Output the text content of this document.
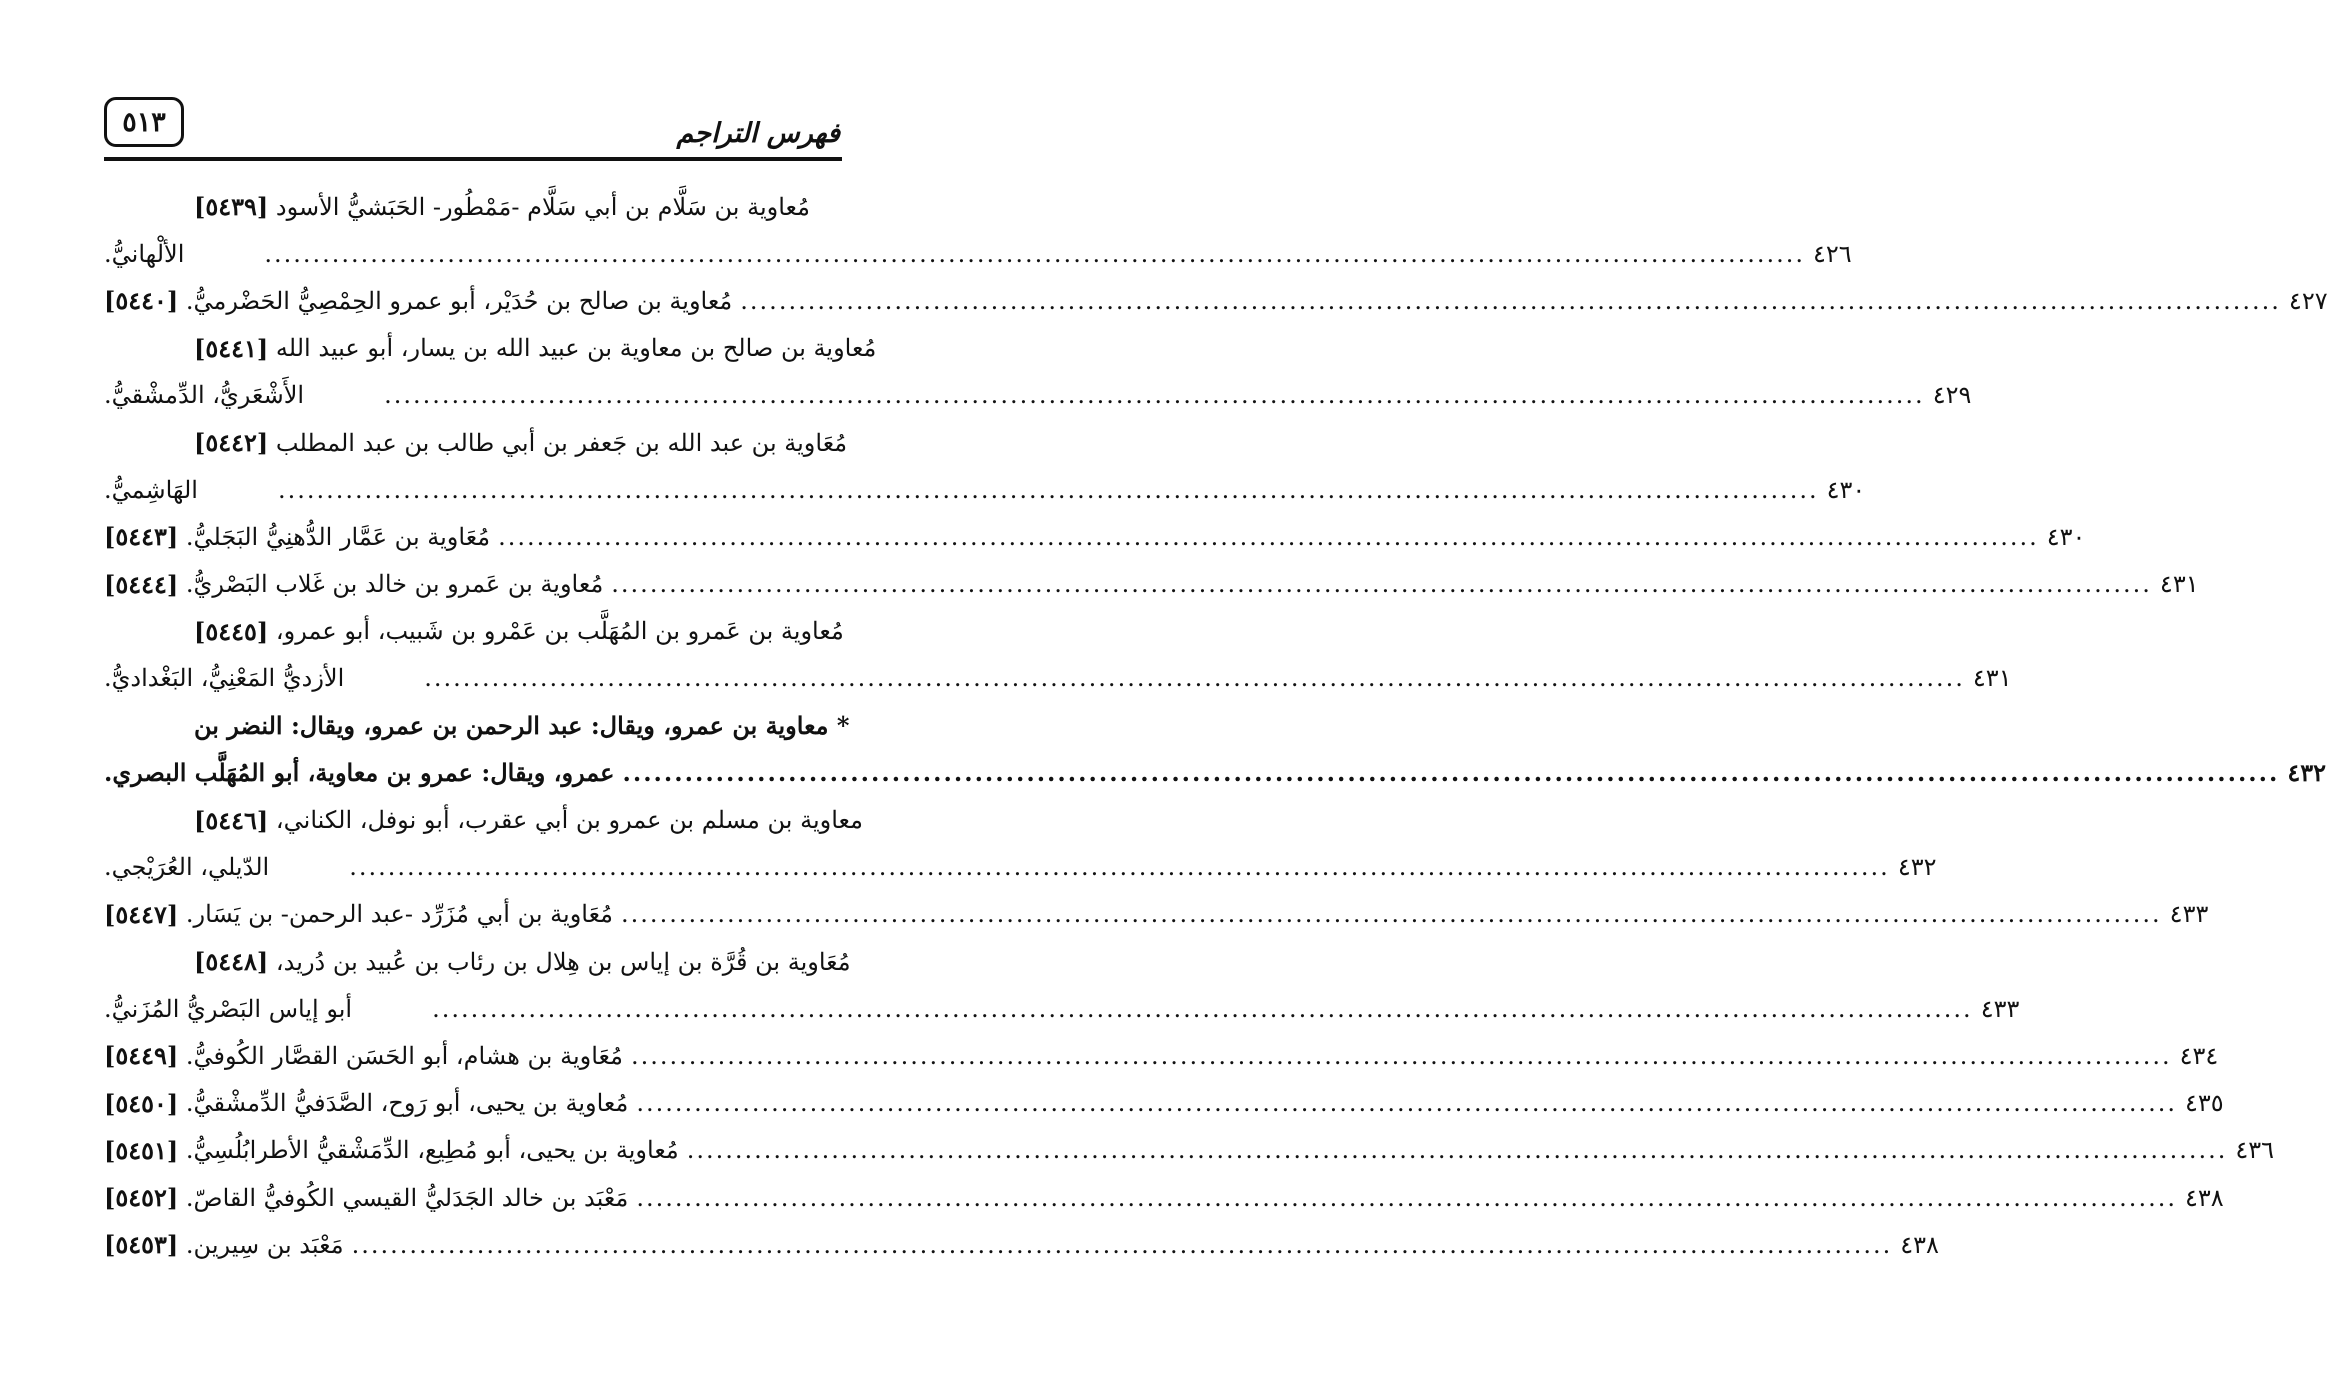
٥١٣	فهرس التراجم
[٥٤٣٩]
مُعاوية بن سَلَّام بن أبي سَلَّام -مَمْطُور- الحَبَشيُّ الأسود
الألْهانيُّ.	................................................................................................................................................................ ٤٢٦
[٥٤٤٠]
مُعاوية بن صالح بن حُدَيْر، أبو عمرو الحِمْصِيُّ الحَضْرميُّ. ................................................................................................................................................................ ٤٢٧
[٥٤٤١]
مُعاوية بن صالح بن معاوية بن عبيد الله بن يسار، أبو عبيد الله
الأَشْعَريُّ، الدِّمشْقيُّ.	................................................................................................................................................................ ٤٢٩
[٥٤٤٢]
مُعَاوية بن عبد الله بن جَعفر بن أبي طالب بن عبد المطلب
الهَاشِميُّ.	................................................................................................................................................................ ٤٣٠
[٥٤٤٣]
مُعَاوية بن عَمَّار الدُّهنِيُّ البَجَليُّ. ................................................................................................................................................................ ٤٣٠
[٥٤٤٤]
مُعاوية بن عَمرو بن خالد بن غَلاب البَصْريُّ. ................................................................................................................................................................ ٤٣١
[٥٤٤٥]
مُعاوية بن عَمرو بن المُهَلَّب بن عَمْرو بن شَبيب، أبو عمرو،
الأزديُّ المَعْنِيُّ، البَغْداديُّ.	................................................................................................................................................................ ٤٣١
* معاوية بن عمرو، ويقال: عبد الرحمن بن عمرو، ويقال: النضر بن
عمرو، ويقال: عمرو بن معاوية، أبو المُهَلَّب البصري. ................................................................................................................................................................ ٤٣٢
[٥٤٤٦]
معاوية بن مسلم بن عمرو بن أبي عقرب، أبو نوفل، الكناني،
الدّيلي، العُرَيْجي.	................................................................................................................................................................ ٤٣٢
[٥٤٤٧]
مُعَاوية بن أبي مُزَرِّد -عبد الرحمن- بن يَسَار. ................................................................................................................................................................ ٤٣٣
[٥٤٤٨]
مُعَاوية بن قُرَّة بن إياس بن هِلال بن رئاب بن عُبيد بن دُريد،
أبو إياس البَصْريُّ المُزَنيُّ.	................................................................................................................................................................ ٤٣٣
[٥٤٤٩]
مُعَاوية بن هشام، أبو الحَسَن القصَّار الكُوفيُّ. ................................................................................................................................................................ ٤٣٤
[٥٤٥٠]
مُعاوية بن يحيى، أبو رَوح، الصَّدَفيُّ الدِّمشْقيُّ. ................................................................................................................................................................ ٤٣٥
[٥٤٥١]
مُعاوية بن يحيى، أبو مُطِيع، الدِّمَشْقيُّ الأطرابُلُسِيُّ. ................................................................................................................................................................ ٤٣٦
[٥٤٥٢]
مَعْبَد بن خالد الجَدَليُّ القيسي الكُوفيُّ القاصّ. ................................................................................................................................................................ ٤٣٨
[٥٤٥٣]
مَعْبَد بن سِيرين. ................................................................................................................................................................ ٤٣٨
